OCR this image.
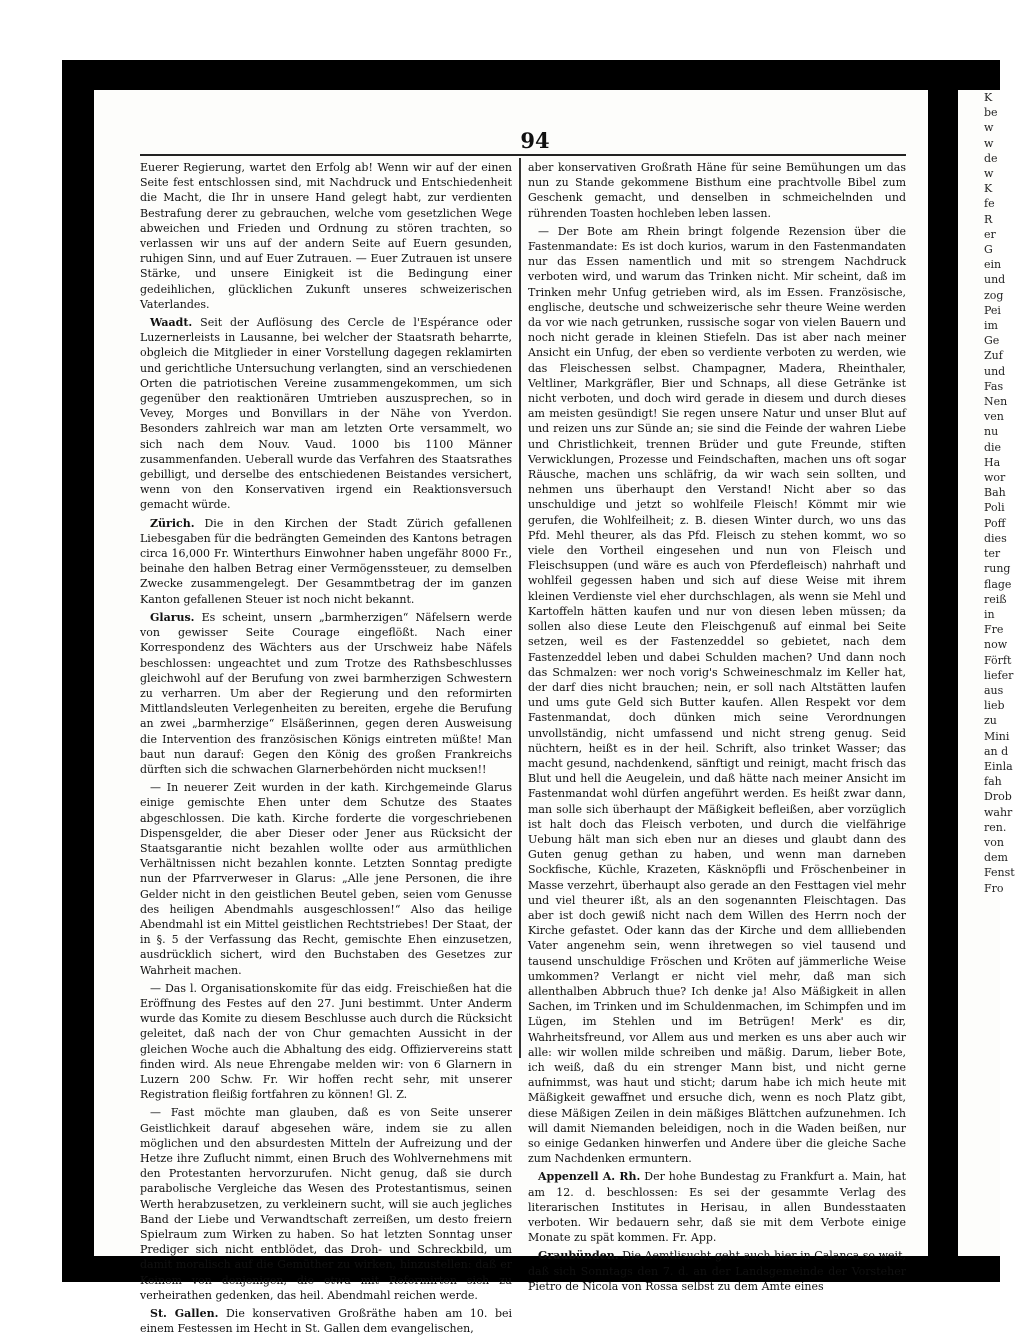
94

Euerer Regierung, wartet den Erfolg ab! Wenn wir auf der einen Seite fest entschlossen sind, mit Nachdruck und Entschiedenheit die Macht, die Ihr in unsere Hand gelegt habt, zur verdienten Bestrafung derer zu gebrauchen, welche vom gesetzlichen Wege abweichen und Frieden und Ordnung zu stören trachten, so verlassen wir uns auf der andern Seite auf Euern gesunden, ruhigen Sinn, und auf Euer Zutrauen. — Euer Zutrauen ist unsere Stärke, und unsere Einigkeit ist die Bedingung einer gedeihlichen, glücklichen Zukunft unseres schweizerischen Vaterlandes.

Waadt. Seit der Auflösung des Cercle de l'Espérance oder Luzernerleists in Lausanne, bei welcher der Staatsrath beharrte, obgleich die Mitglieder in einer Vorstellung dagegen reklamirten und gerichtliche Untersuchung verlangten, sind an verschiedenen Orten die patriotischen Vereine zusammengekommen, um sich gegenüber den reaktionären Umtrieben auszusprechen, so in Vevey, Morges und Bonvillars in der Nähe von Yverdon. Besonders zahlreich war man am letzten Orte versammelt, wo sich nach dem Nouv. Vaud. 1000 bis 1100 Männer zusammenfanden. Ueberall wurde das Verfahren des Staatsrathes gebilligt, und derselbe des entschiedenen Beistandes versichert, wenn von den Konservativen irgend ein Reaktionsversuch gemacht würde.

Zürich. Die in den Kirchen der Stadt Zürich gefallenen Liebesgaben für die bedrängten Gemeinden des Kantons betragen circa 16,000 Fr. Winterthurs Einwohner haben ungefähr 8000 Fr., beinahe den halben Betrag einer Vermögenssteuer, zu demselben Zwecke zusammengelegt. Der Gesammtbetrag der im ganzen Kanton gefallenen Steuer ist noch nicht bekannt.

Glarus. Es scheint, unsern „barmherzigen“ Näfelsern werde von gewisser Seite Courage eingeflößt. Nach einer Korrespondenz des Wächters aus der Urschweiz habe Näfels beschlossen: ungeachtet und zum Trotze des Rathsbeschlusses gleichwohl auf der Berufung von zwei barmherzigen Schwestern zu verharren. Um aber der Regierung und den reformirten Mittlandsleuten Verlegenheiten zu bereiten, ergehe die Berufung an zwei „barmherzige“ Elsäßerinnen, gegen deren Ausweisung die Intervention des französischen Königs eintreten müßte! Man baut nun darauf: Gegen den König des großen Frankreichs dürften sich die schwachen Glarnerbehörden nicht mucksen!!

— In neuerer Zeit wurden in der kath. Kirchgemeinde Glarus einige gemischte Ehen unter dem Schutze des Staates abgeschlossen. Die kath. Kirche forderte die vorgeschriebenen Dispensgelder, die aber Dieser oder Jener aus Rücksicht der Staatsgarantie nicht bezahlen wollte oder aus armüthlichen Verhältnissen nicht bezahlen konnte. Letzten Sonntag predigte nun der Pfarrverweser in Glarus: „Alle jene Personen, die ihre Gelder nicht in den geistlichen Beutel geben, seien vom Genusse des heiligen Abendmahls ausgeschlossen!“ Also das heilige Abendmahl ist ein Mittel geistlichen Rechtstriebes! Der Staat, der in §. 5 der Verfassung das Recht, gemischte Ehen einzusetzen, ausdrücklich sichert, wird den Buchstaben des Gesetzes zur Wahrheit machen.

— Das l. Organisationskomite für das eidg. Freischießen hat die Eröffnung des Festes auf den 27. Juni bestimmt. Unter Anderm wurde das Komite zu diesem Beschlusse auch durch die Rücksicht geleitet, daß nach der von Chur gemachten Aussicht in der gleichen Woche auch die Abhaltung des eidg. Offiziervereins statt finden wird. Als neue Ehrengabe melden wir: von 6 Glarnern in Luzern 200 Schw. Fr. Wir hoffen recht sehr, mit unserer Registration fleißig fortfahren zu können! Gl. Z.

— Fast möchte man glauben, daß es von Seite unserer Geistlichkeit darauf abgesehen wäre, indem sie zu allen möglichen und den absurdesten Mitteln der Aufreizung und der Hetze ihre Zuflucht nimmt, einen Bruch des Wohlvernehmens mit den Protestanten hervorzurufen. Nicht genug, daß sie durch parabolische Vergleiche das Wesen des Protestantismus, seinen Werth herabzusetzen, zu verkleinern sucht, will sie auch jegliches Band der Liebe und Verwandtschaft zerreißen, um desto freiern Spielraum zum Wirken zu haben. So hat letzten Sonntag unser Prediger sich nicht entblödet, das Droh- und Schreckbild, um damit moralisch auf die Gemüther zu wirken, hinzustellen: daß er Keinem von denjenigen, die etwa mit Reformirten sich zu verheirathen gedenken, das heil. Abendmahl reichen werde.

St. Gallen. Die konservativen Großräthe haben am 10. bei einem Festessen im Hecht in St. Gallen dem evangelischen,

aber konservativen Großrath Häne für seine Bemühungen um das nun zu Stande gekommene Bisthum eine prachtvolle Bibel zum Geschenk gemacht, und denselben in schmeichelnden und rührenden Toasten hochleben leben lassen.

— Der Bote am Rhein bringt folgende Rezension über die Fastenmandate: Es ist doch kurios, warum in den Fastenmandaten nur das Essen namentlich und mit so strengem Nachdruck verboten wird, und warum das Trinken nicht. Mir scheint, daß im Trinken mehr Unfug getrieben wird, als im Essen. Französische, englische, deutsche und schweizerische sehr theure Weine werden da vor wie nach getrunken, russische sogar von vielen Bauern und noch nicht gerade in kleinen Stiefeln. Das ist aber nach meiner Ansicht ein Unfug, der eben so verdiente verboten zu werden, wie das Fleischessen selbst. Champagner, Madera, Rheinthaler, Veltliner, Markgräfler, Bier und Schnaps, all diese Getränke ist nicht verboten, und doch wird gerade in diesem und durch dieses am meisten gesündigt! Sie regen unsere Natur und unser Blut auf und reizen uns zur Sünde an; sie sind die Feinde der wahren Liebe und Christlichkeit, trennen Brüder und gute Freunde, stiften Verwicklungen, Prozesse und Feindschaften, machen uns oft sogar Räusche, machen uns schläfrig, da wir wach sein sollten, und nehmen uns überhaupt den Verstand! Nicht aber so das unschuldige und jetzt so wohlfeile Fleisch! Kömmt mir wie gerufen, die Wohlfeilheit; z. B. diesen Winter durch, wo uns das Pfd. Mehl theurer, als das Pfd. Fleisch zu stehen kommt, wo so viele den Vortheil eingesehen und nun von Fleisch und Fleischsuppen (und wäre es auch von Pferdefleisch) nahrhaft und wohlfeil gegessen haben und sich auf diese Weise mit ihrem kleinen Verdienste viel eher durchschlagen, als wenn sie Mehl und Kartoffeln hätten kaufen und nur von diesen leben müssen; da sollen also diese Leute den Fleischgenuß auf einmal bei Seite setzen, weil es der Fastenzeddel so gebietet, nach dem Fastenzeddel leben und dabei Schulden machen? Und dann noch das Schmalzen: wer noch vorig's Schweineschmalz im Keller hat, der darf dies nicht brauchen; nein, er soll nach Altstätten laufen und ums gute Geld sich Butter kaufen. Allen Respekt vor dem Fastenmandat, doch dünken mich seine Verordnungen unvollständig, nicht umfassend und nicht streng genug. Seid nüchtern, heißt es in der heil. Schrift, also trinket Wasser; das macht gesund, nachdenkend, sänftigt und reinigt, macht frisch das Blut und hell die Aeugelein, und daß hätte nach meiner Ansicht im Fastenmandat wohl dürfen angeführt werden. Es heißt zwar dann, man solle sich überhaupt der Mäßigkeit befleißen, aber vorzüglich ist halt doch das Fleisch verboten, und durch die vielfährige Uebung hält man sich eben nur an dieses und glaubt dann des Guten genug gethan zu haben, und wenn man darneben Sockfische, Küchle, Krazeten, Käsknöpfli und Fröschenbeiner in Masse verzehrt, überhaupt also gerade an den Festtagen viel mehr und viel theurer ißt, als an den sogenannten Fleischtagen. Das aber ist doch gewiß nicht nach dem Willen des Herrn noch der Kirche gefastet. Oder kann das der Kirche und dem allliebenden Vater angenehm sein, wenn ihretwegen so viel tausend und tausend unschuldige Fröschen und Kröten auf jämmerliche Weise umkommen? Verlangt er nicht viel mehr, daß man sich allenthalben Abbruch thue? Ich denke ja! Also Mäßigkeit in allen Sachen, im Trinken und im Schuldenmachen, im Schimpfen und im Lügen, im Stehlen und im Betrügen! Merk' es dir, Wahrheitsfreund, vor Allem aus und merken es uns aber auch wir alle: wir wollen milde schreiben und mäßig. Darum, lieber Bote, ich weiß, daß du ein strenger Mann bist, und nicht gerne aufnimmst, was haut und sticht; darum habe ich mich heute mit Mäßigkeit gewaffnet und ersuche dich, wenn es noch Platz gibt, diese Mäßigen Zeilen in dein mäßiges Blättchen aufzunehmen. Ich will damit Niemanden beleidigen, noch in die Waden beißen, nur so einige Gedanken hinwerfen und Andere über die gleiche Sache zum Nachdenken ermuntern.

Appenzell A. Rh. Der hohe Bundestag zu Frankfurt a. Main, hat am 12. d. beschlossen: Es sei der gesammte Verlag des literarischen Institutes in Herisau, in allen Bundesstaaten verboten. Wir bedauern sehr, daß sie mit dem Verbote einige Monate zu spät kommen. Fr. App.

Graubünden. Die Aemtlisucht geht auch hier in Calanca so weit, daß sich Sonntags den 7. d. an der Landsgemeinde der Vorsteher Pietro de Nicola von Rossa selbst zu dem Amte eines

K
be
w
w
de
w
K
fe
R
er
G
ein
und
zog
Pei
im
Ge
Zuf
und
Fas
Nen
ven
nu
die
Ha
wor
Bah
Poli
Poff
dies
ter
rung
flage
reiß
in
Fre
now
Förft
liefer
aus
lieb
zu
Mini
an d
Einla
fah
Drob
wahr
ren.
von
dem
Fenst
Fro
